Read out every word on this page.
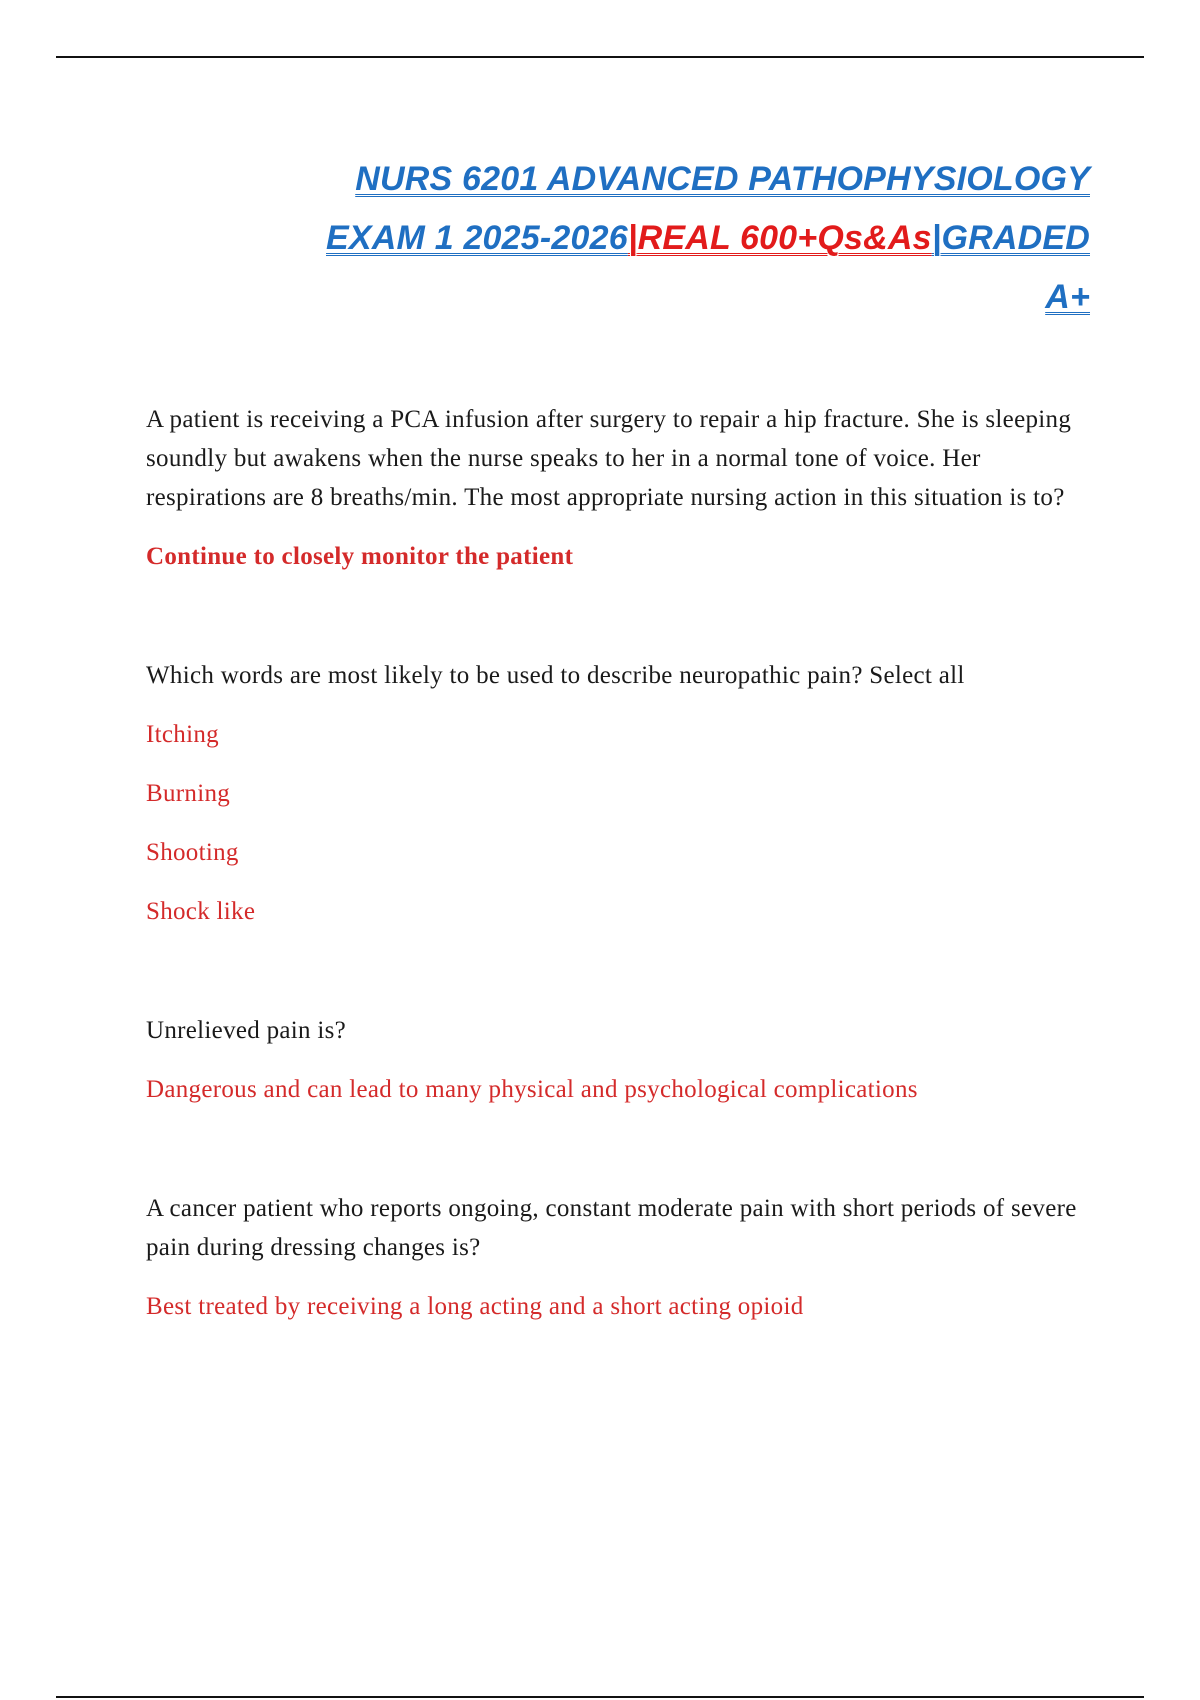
NURS 6201 ADVANCED PATHOPHYSIOLOGY
EXAM 1 2025-2026|REAL 600+Qs&As|GRADED
A+

A patient is receiving a PCA infusion after surgery to repair a hip fracture. She is sleeping soundly but awakens when the nurse speaks to her in a normal tone of voice. Her respirations are 8 breaths/min. The most appropriate nursing action in this situation is to?

Continue to closely monitor the patient

Which words are most likely to be used to describe neuropathic pain? Select all

Itching

Burning

Shooting

Shock like

Unrelieved pain is?

Dangerous and can lead to many physical and psychological complications

A cancer patient who reports ongoing, constant moderate pain with short periods of severe pain during dressing changes is?

Best treated by receiving a long acting and a short acting opioid
